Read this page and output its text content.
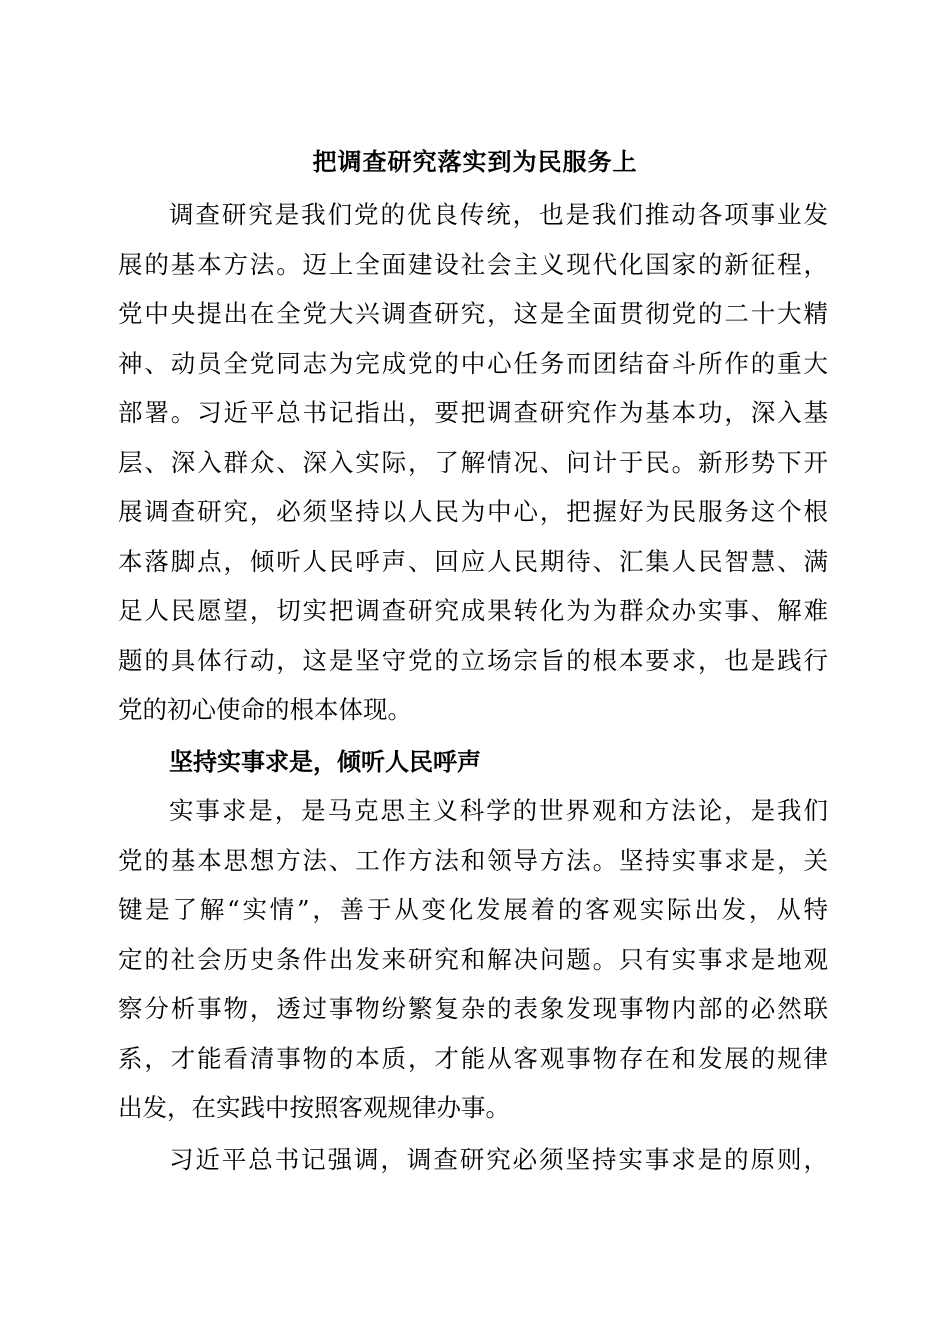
把调查研究落实到为民服务上
调查研究是我们党的优良传统，也是我们推动各项事业发
展的基本方法。迈上全面建设社会主义现代化国家的新征程，
党中央提出在全党大兴调查研究，这是全面贯彻党的二十大精
神、动员全党同志为完成党的中心任务而团结奋斗所作的重大
部署。习近平总书记指出，要把调查研究作为基本功，深入基
层、深入群众、深入实际，了解情况、问计于民。新形势下开
展调查研究，必须坚持以人民为中心，把握好为民服务这个根
本落脚点，倾听人民呼声、回应人民期待、汇集人民智慧、满
足人民愿望，切实把调查研究成果转化为为群众办实事、解难
题的具体行动，这是坚守党的立场宗旨的根本要求，也是践行
党的初心使命的根本体现。
坚持实事求是，倾听人民呼声
实事求是，是马克思主义科学的世界观和方法论，是我们
党的基本思想方法、工作方法和领导方法。坚持实事求是，关
键是了解“实情”，善于从变化发展着的客观实际出发，从特
定的社会历史条件出发来研究和解决问题。只有实事求是地观
察分析事物，透过事物纷繁复杂的表象发现事物内部的必然联
系，才能看清事物的本质，才能从客观事物存在和发展的规律
出发，在实践中按照客观规律办事。
习近平总书记强调，调查研究必须坚持实事求是的原则，
